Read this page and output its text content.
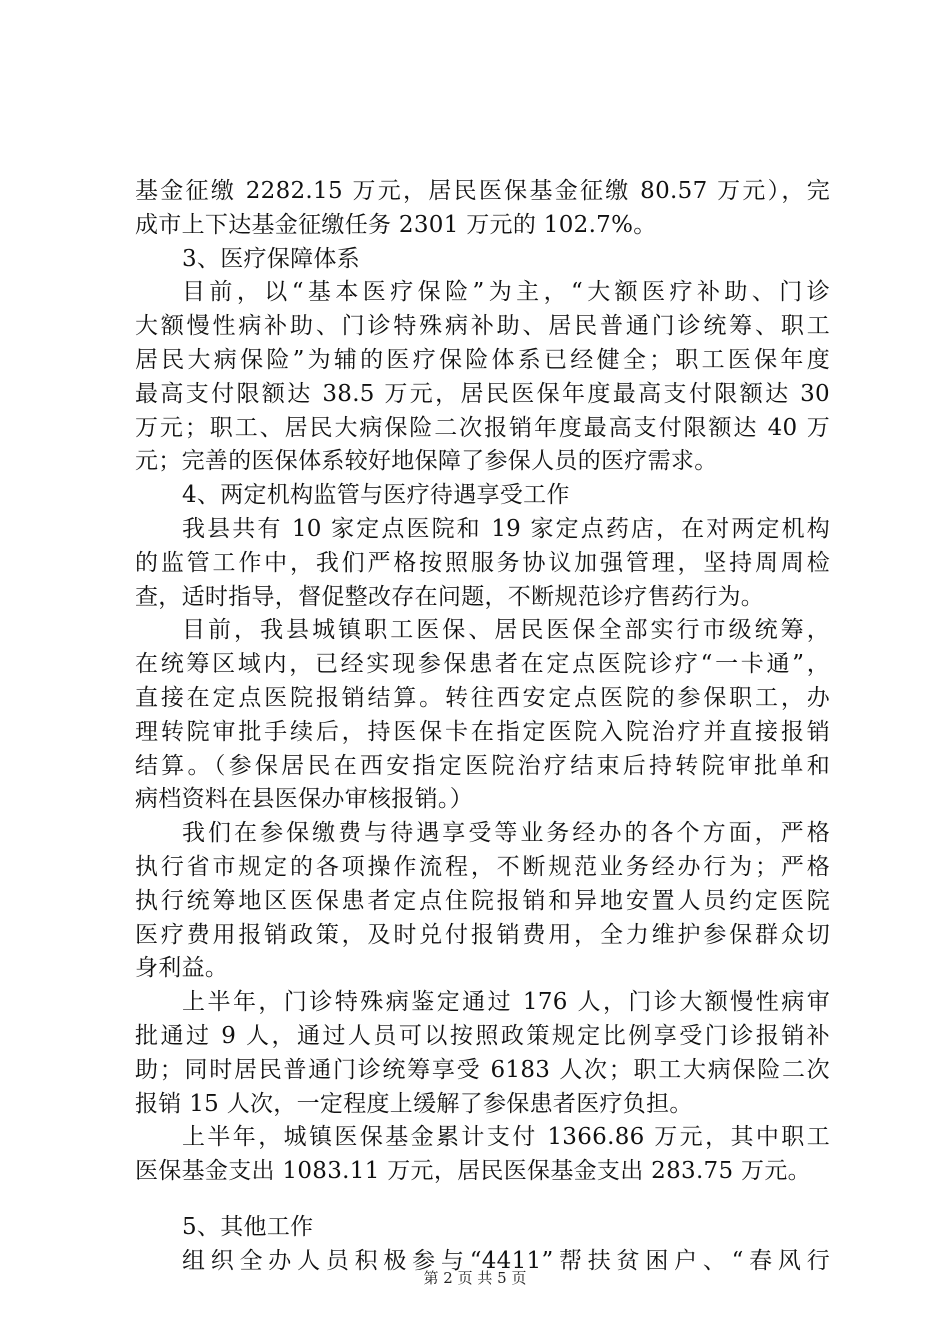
基金征缴 2282.15 万元，居民医保基金征缴 80.57 万元），完
成市上下达基金征缴任务 2301 万元的 102.7%。
3、医疗保障体系
目前，以“基本医疗保险”为主，“大额医疗补助、门诊
大额慢性病补助、门诊特殊病补助、居民普通门诊统筹、职工
居民大病保险”为辅的医疗保险体系已经健全；职工医保年度
最高支付限额达 38.5 万元，居民医保年度最高支付限额达 30
万元；职工、居民大病保险二次报销年度最高支付限额达 40 万
元；完善的医保体系较好地保障了参保人员的医疗需求。
4、两定机构监管与医疗待遇享受工作
我县共有 10 家定点医院和 19 家定点药店，在对两定机构
的监管工作中，我们严格按照服务协议加强管理，坚持周周检
查，适时指导，督促整改存在问题，不断规范诊疗售药行为。
目前，我县城镇职工医保、居民医保全部实行市级统筹，
在统筹区域内，已经实现参保患者在定点医院诊疗“一卡通”，
直接在定点医院报销结算。转往西安定点医院的参保职工，办
理转院审批手续后，持医保卡在指定医院入院治疗并直接报销
结算。（参保居民在西安指定医院治疗结束后持转院审批单和
病档资料在县医保办审核报销。）
我们在参保缴费与待遇享受等业务经办的各个方面，严格
执行省市规定的各项操作流程，不断规范业务经办行为；严格
执行统筹地区医保患者定点住院报销和异地安置人员约定医院
医疗费用报销政策，及时兑付报销费用，全力维护参保群众切
身利益。
上半年，门诊特殊病鉴定通过 176 人，门诊大额慢性病审
批通过 9 人，通过人员可以按照政策规定比例享受门诊报销补
助；同时居民普通门诊统筹享受 6183 人次；职工大病保险二次
报销 15 人次，一定程度上缓解了参保患者医疗负担。
上半年，城镇医保基金累计支付 1366.86 万元，其中职工
医保基金支出 1083.11 万元，居民医保基金支出 283.75 万元。
5、其他工作
组织全办人员积极参与“4411”帮扶贫困户、“春风行
第 2 页 共 5 页
